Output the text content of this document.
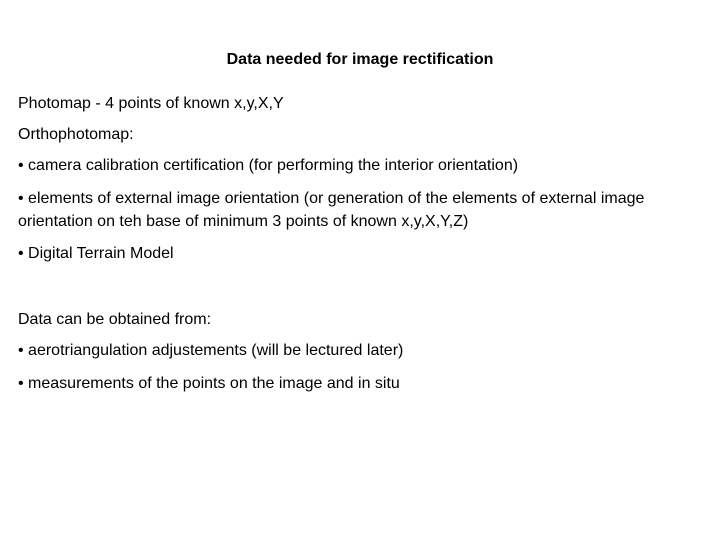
Data needed for image rectification
Photomap - 4 points of known x,y,X,Y
Orthophotomap:
• camera calibration certification (for performing the interior orientation)
• elements of external image orientation (or generation of the elements of external image orientation on teh base of minimum 3 points of known x,y,X,Y,Z)
• Digital Terrain Model
Data can be obtained from:
• aerotriangulation adjustements (will be lectured later)
• measurements of the points on the image and in situ
